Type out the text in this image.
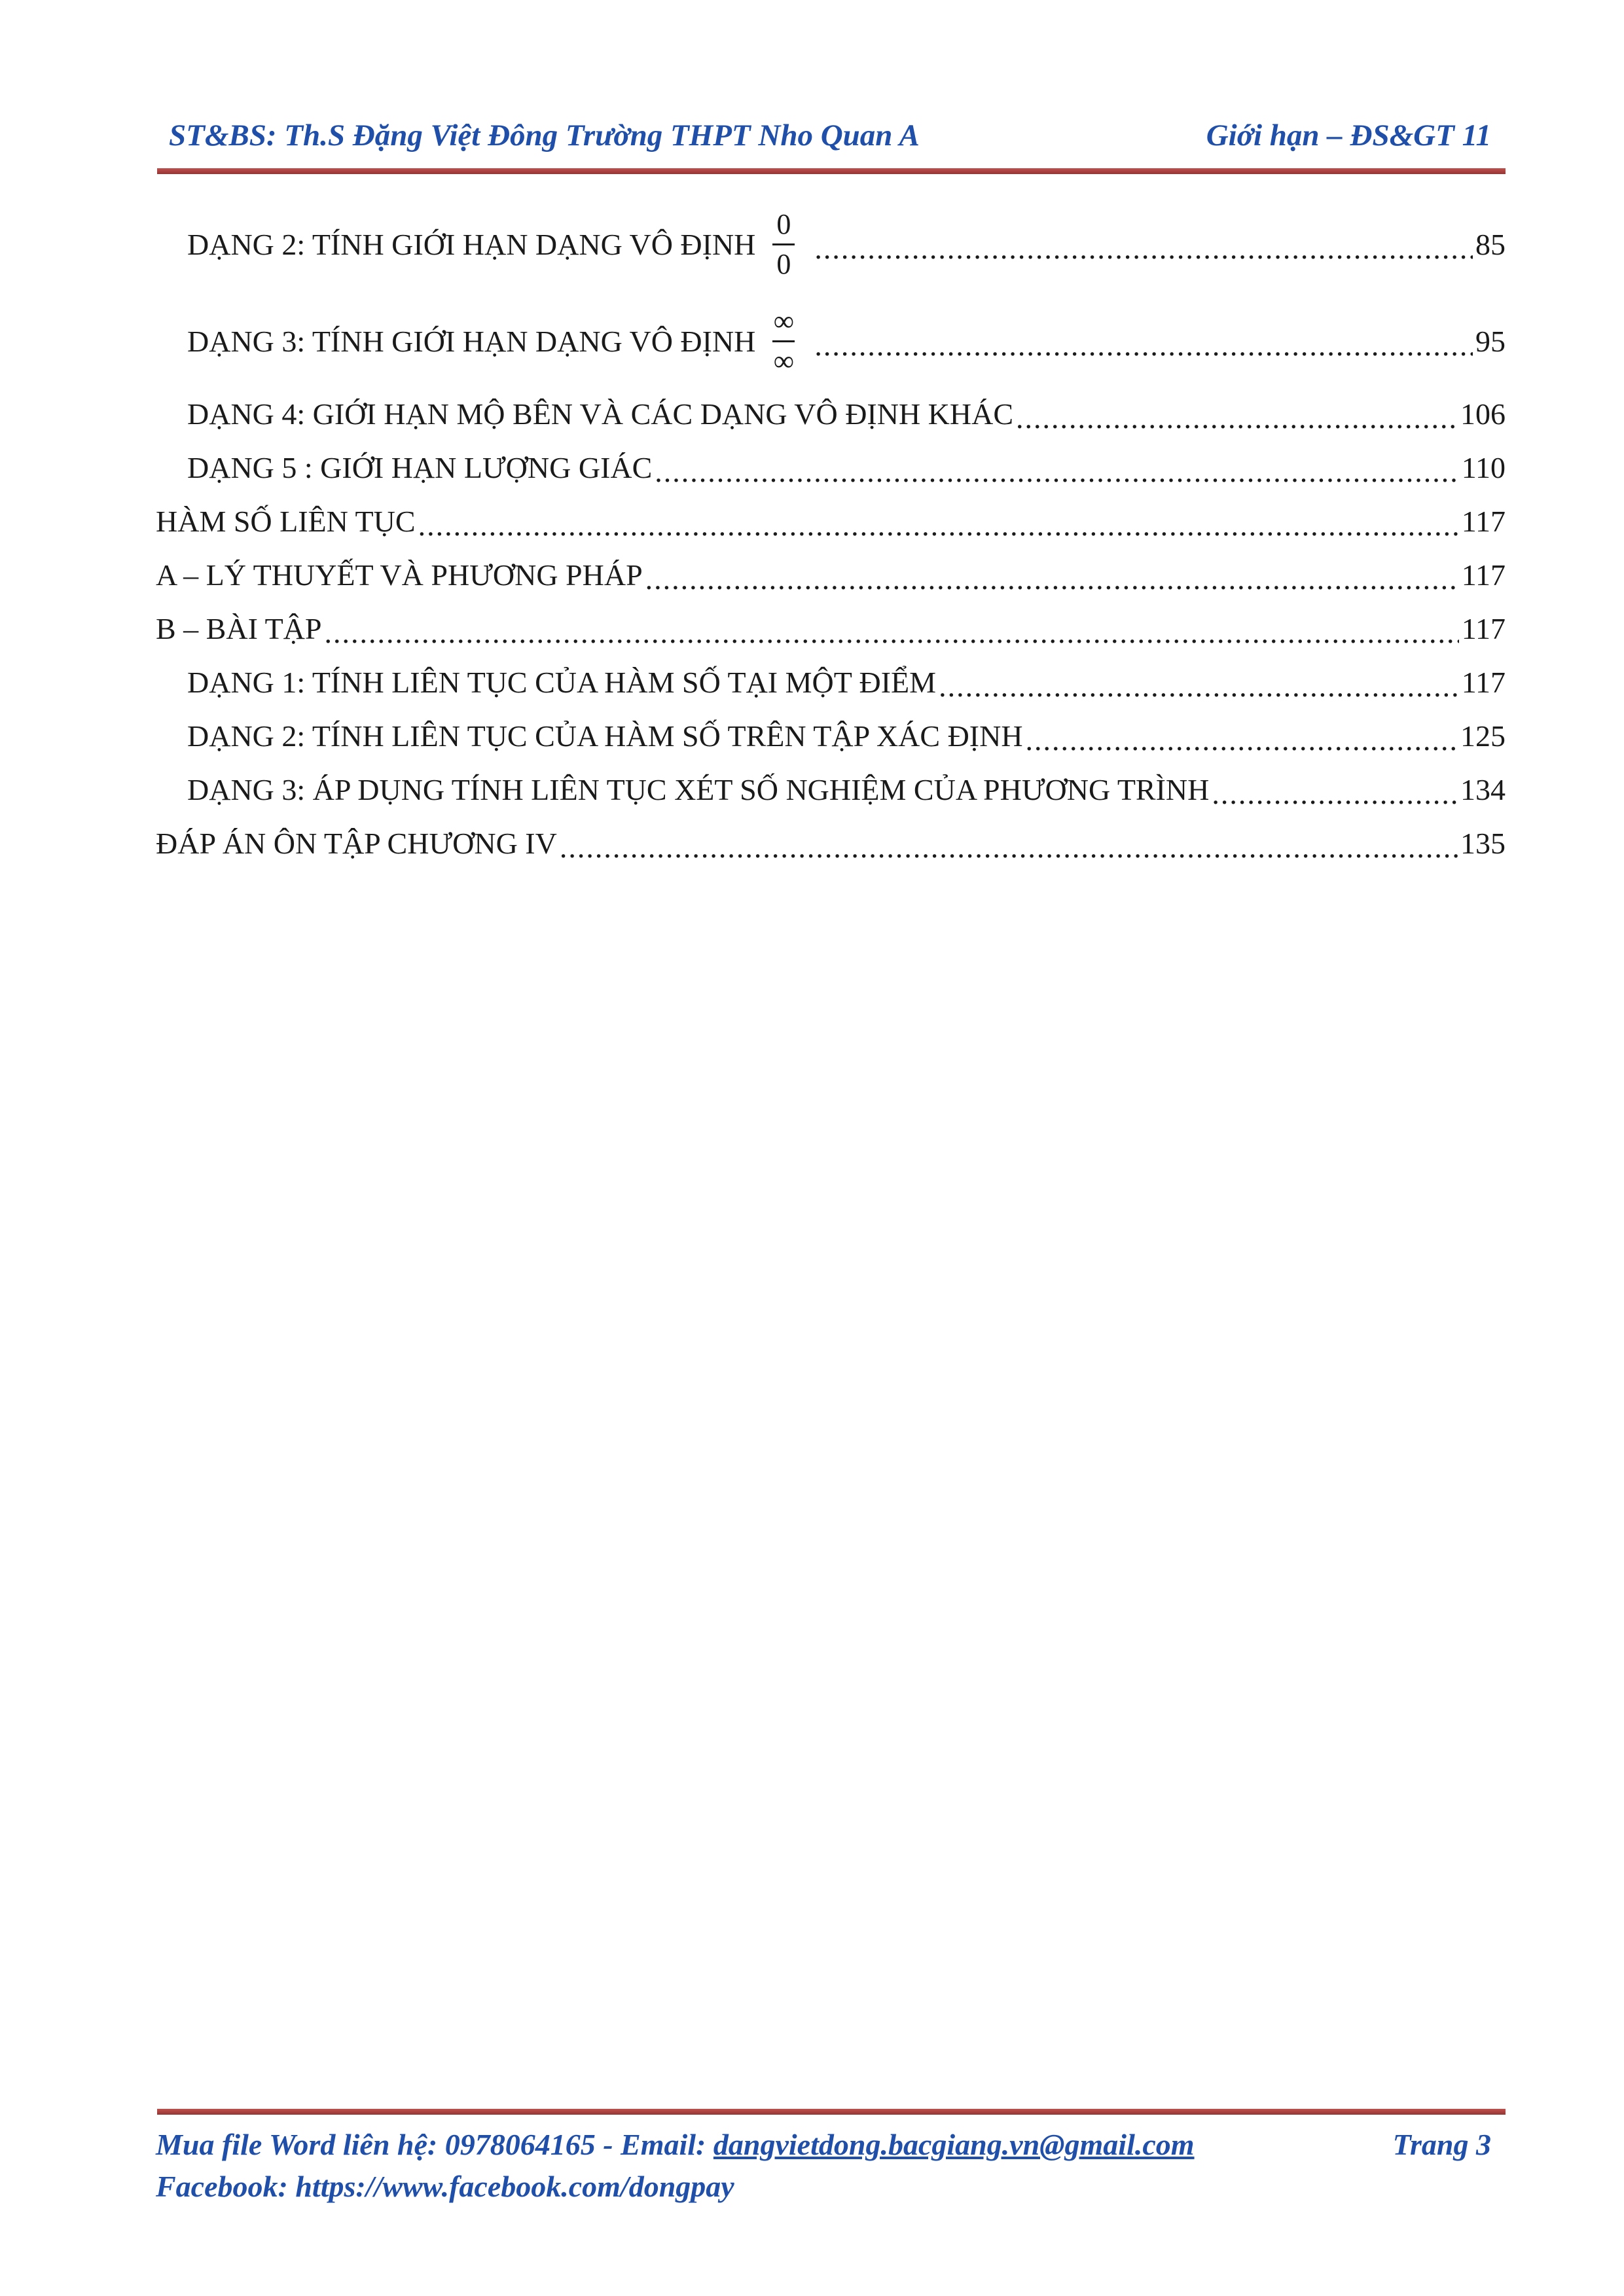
ST&BS: Th.S Đặng Việt Đông Trường THPT Nho Quan A	Giới hạn – ĐS&GT 11
DẠNG 2: TÍNH GIỚI HẠN DẠNG VÔ ĐỊNH $\frac{0}{0}$ .....	85
DẠNG 3: TÍNH GIỚI HẠN DẠNG VÔ ĐỊNH $\frac{\infty}{\infty}$ .....	95
DẠNG 4: GIỚI HẠN MỘ BÊN VÀ CÁC DẠNG VÔ ĐỊNH KHÁC .....	106
DẠNG 5 : GIỚI HẠN LƯỢNG GIÁC .....	110
HÀM SỐ LIÊN TỤC .....	117
A – LÝ THUYẾT VÀ PHƯƠNG PHÁP .....	117
B – BÀI TẬP .....	117
DẠNG 1: TÍNH LIÊN TỤC CỦA HÀM SỐ TẠI MỘT ĐIỂM .....	117
DẠNG 2: TÍNH LIÊN TỤC CỦA HÀM SỐ TRÊN TẬP XÁC ĐỊNH .....	125
DẠNG 3: ÁP DỤNG TÍNH LIÊN TỤC XÉT SỐ NGHIỆM CỦA PHƯƠNG TRÌNH .....	134
ĐÁP ÁN ÔN TẬP CHƯƠNG IV .....	135
Mua file Word liên hệ: 0978064165 - Email: dangvietdong.bacgiang.vn@gmail.com	Trang 3
Facebook: https://www.facebook.com/dongpay
